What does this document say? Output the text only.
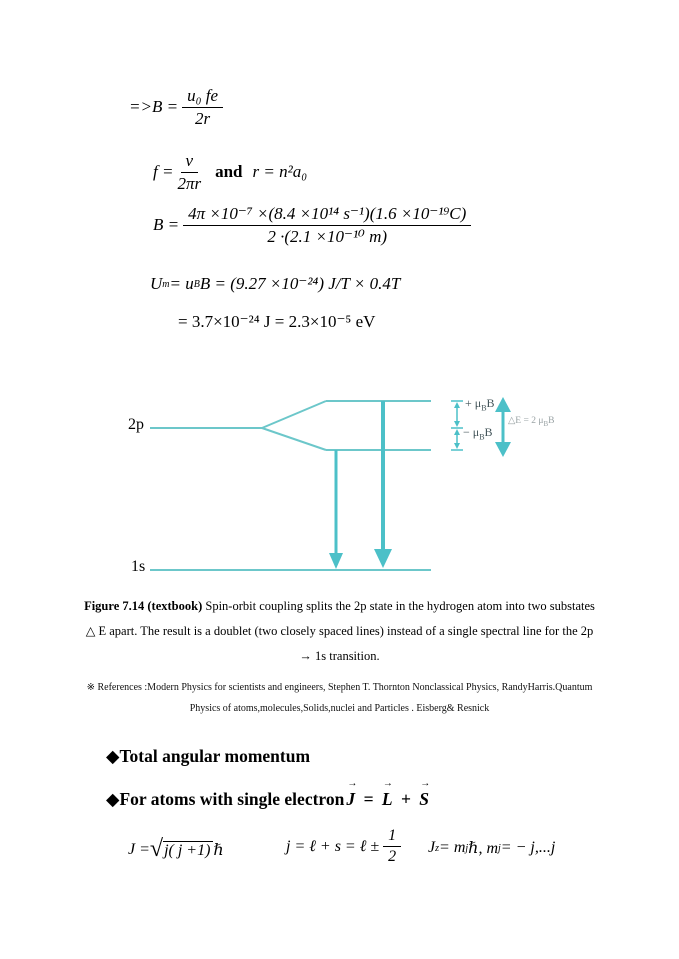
=> $B = \frac{\text{u₀ fe}}{2r}$
$f = \frac{v}{2\pi r}$ and r = n²a₀
$B = \frac{\text{4π ×10⁻⁷ ×(8.4 ×10¹⁴ s⁻¹)(1.6 ×10⁻¹⁹C)}}{\text{2 ·(2.1 ×10⁻¹⁰ m)}}$
U m = u B B = (9.27 ×10⁻²⁴) J/T × 0.4T
= 3.7×10⁻²⁴ J = 2.3×10⁻⁵ eV
2p
1s
+ $\mu_BB$
− $\mu_BB$
△E = 2 $\mu_BB$
Figure 7.14 (textbook) Spin-orbit coupling splits the 2p state in the hydrogen atom into two substates
△ E apart. The result is a doublet (two closely spaced lines) instead of a single spectral line for the 2p
→ 1s transition.
※ References :Modern Physics for scientists and engineers, Stephen T. Thornton Nonclassical Physics, RandyHarris.Quantum
Physics of atoms,molecules,Solids,nuclei and Particles . Eisberg& Resnick
◆Total angular momentum
◆For atoms with single electron
→
J =
→
L +
→
S
J = √ j( j +1) ℏ	j = ℓ + s = ℓ ± $\frac{1}{2}$ J z = m j ℏ, m j = − j,...j
